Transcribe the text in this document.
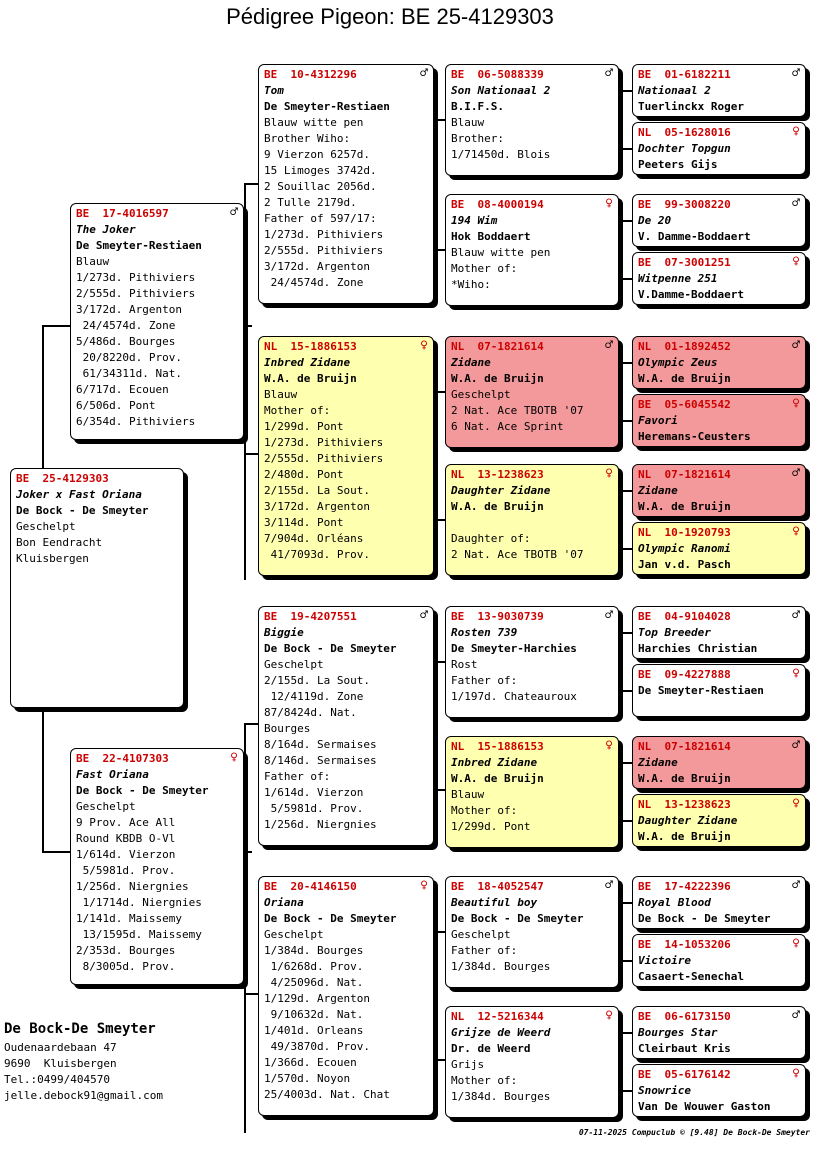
Pédigree Pigeon: BE 25-4129303
BE  25-4129303
Joker x Fast Oriana
De Bock - De Smeyter
Geschelpt
Bon Eendracht
Kluisbergen
BE  17-4016597	♂
The Joker
De Smeyter-Restiaen
Blauw
1/273d. Pithiviers
2/555d. Pithiviers
3/172d. Argenton
24/4574d. Zone
5/486d. Bourges
20/8220d. Prov.
61/34311d. Nat.
6/717d. Ecouen
6/506d. Pont
6/354d. Pithiviers
BE  22-4107303	♀
Fast Oriana
De Bock - De Smeyter
Geschelpt
9 Prov. Ace All
Round KBDB O-Vl
1/614d. Vierzon
5/5981d. Prov.
1/256d. Niergnies
1/1714d. Niergnies
1/141d. Maissemy
13/1595d. Maissemy
2/353d. Bourges
8/3005d. Prov.
BE  10-4312296	♂
Tom
De Smeyter-Restiaen
Blauw witte pen
Brother Wiho:
9 Vierzon 6257d.
15 Limoges 3742d.
2 Souillac 2056d.
2 Tulle 2179d.
Father of 597/17:
1/273d. Pithiviers
2/555d. Pithiviers
3/172d. Argenton
24/4574d. Zone
NL  15-1886153	♀
Inbred Zidane
W.A. de Bruijn
Blauw
Mother of:
1/299d. Pont
1/273d. Pithiviers
2/555d. Pithiviers
2/480d. Pont
2/155d. La Sout.
3/172d. Argenton
3/114d. Pont
7/904d. Orléans
41/7093d. Prov.
BE  19-4207551	♂
Biggie
De Bock - De Smeyter
Geschelpt
2/155d. La Sout.
12/4119d. Zone
87/8424d. Nat.
Bourges
8/164d. Sermaises
8/146d. Sermaises
Father of:
1/614d. Vierzon
5/5981d. Prov.
1/256d. Niergnies
BE  20-4146150	♀
Oriana
De Bock - De Smeyter
Geschelpt
1/384d. Bourges
1/6268d. Prov.
4/25096d. Nat.
1/129d. Argenton
9/10632d. Nat.
1/401d. Orleans
49/3870d. Prov.
1/366d. Ecouen
1/570d. Noyon
25/4003d. Nat. Chat
BE  06-5088339	♂
Son Nationaal 2
B.I.F.S.
Blauw
Brother:
1/71450d. Blois
BE  08-4000194	♀
194 Wim
Hok Boddaert
Blauw witte pen
Mother of:
*Wiho:
NL  07-1821614	♂
Zidane
W.A. de Bruijn
Geschelpt
2 Nat. Ace TBOTB '07
6 Nat. Ace Sprint
NL  13-1238623	♀
Daughter Zidane
W.A. de Bruijn
Daughter of:
2 Nat. Ace TBOTB '07
BE  13-9030739	♂
Rosten 739
De Smeyter-Harchies
Rost
Father of:
1/197d. Chateauroux
NL  15-1886153	♀
Inbred Zidane
W.A. de Bruijn
Blauw
Mother of:
1/299d. Pont
BE  18-4052547	♂
Beautiful boy
De Bock - De Smeyter
Geschelpt
Father of:
1/384d. Bourges
NL  12-5216344	♀
Grijze de Weerd
Dr. de Weerd
Grijs
Mother of:
1/384d. Bourges
BE  01-6182211	♂
Nationaal 2
Tuerlinckx Roger
NL  05-1628016	♀
Dochter Topgun
Peeters Gijs
BE  99-3008220	♂
De 20
V. Damme-Boddaert
BE  07-3001251	♀
Witpenne 251
V.Damme-Boddaert
NL  01-1892452	♂
Olympic Zeus
W.A. de Bruijn
BE  05-6045542	♀
Favori
Heremans-Ceusters
NL  07-1821614	♂
Zidane
W.A. de Bruijn
NL  10-1920793	♀
Olympic Ranomi
Jan v.d. Pasch
BE  04-9104028	♂
Top Breeder
Harchies Christian
BE  09-4227888	♀
De Smeyter-Restiaen
NL  07-1821614	♂
Zidane
W.A. de Bruijn
NL  13-1238623	♀
Daughter Zidane
W.A. de Bruijn
BE  17-4222396	♂
Royal Blood
De Bock - De Smeyter
BE  14-1053206	♀
Victoire
Casaert-Senechal
BE  06-6173150	♂
Bourges Star
Cleirbaut Kris
BE  05-6176142	♀
Snowrice
Van De Wouwer Gaston
De Bock-De Smeyter
Oudenaardebaan 47
9690  Kluisbergen
Tel.:0499/404570
jelle.debock91@gmail.com
07-11-2025 Compuclub © [9.48] De Bock-De Smeyter
